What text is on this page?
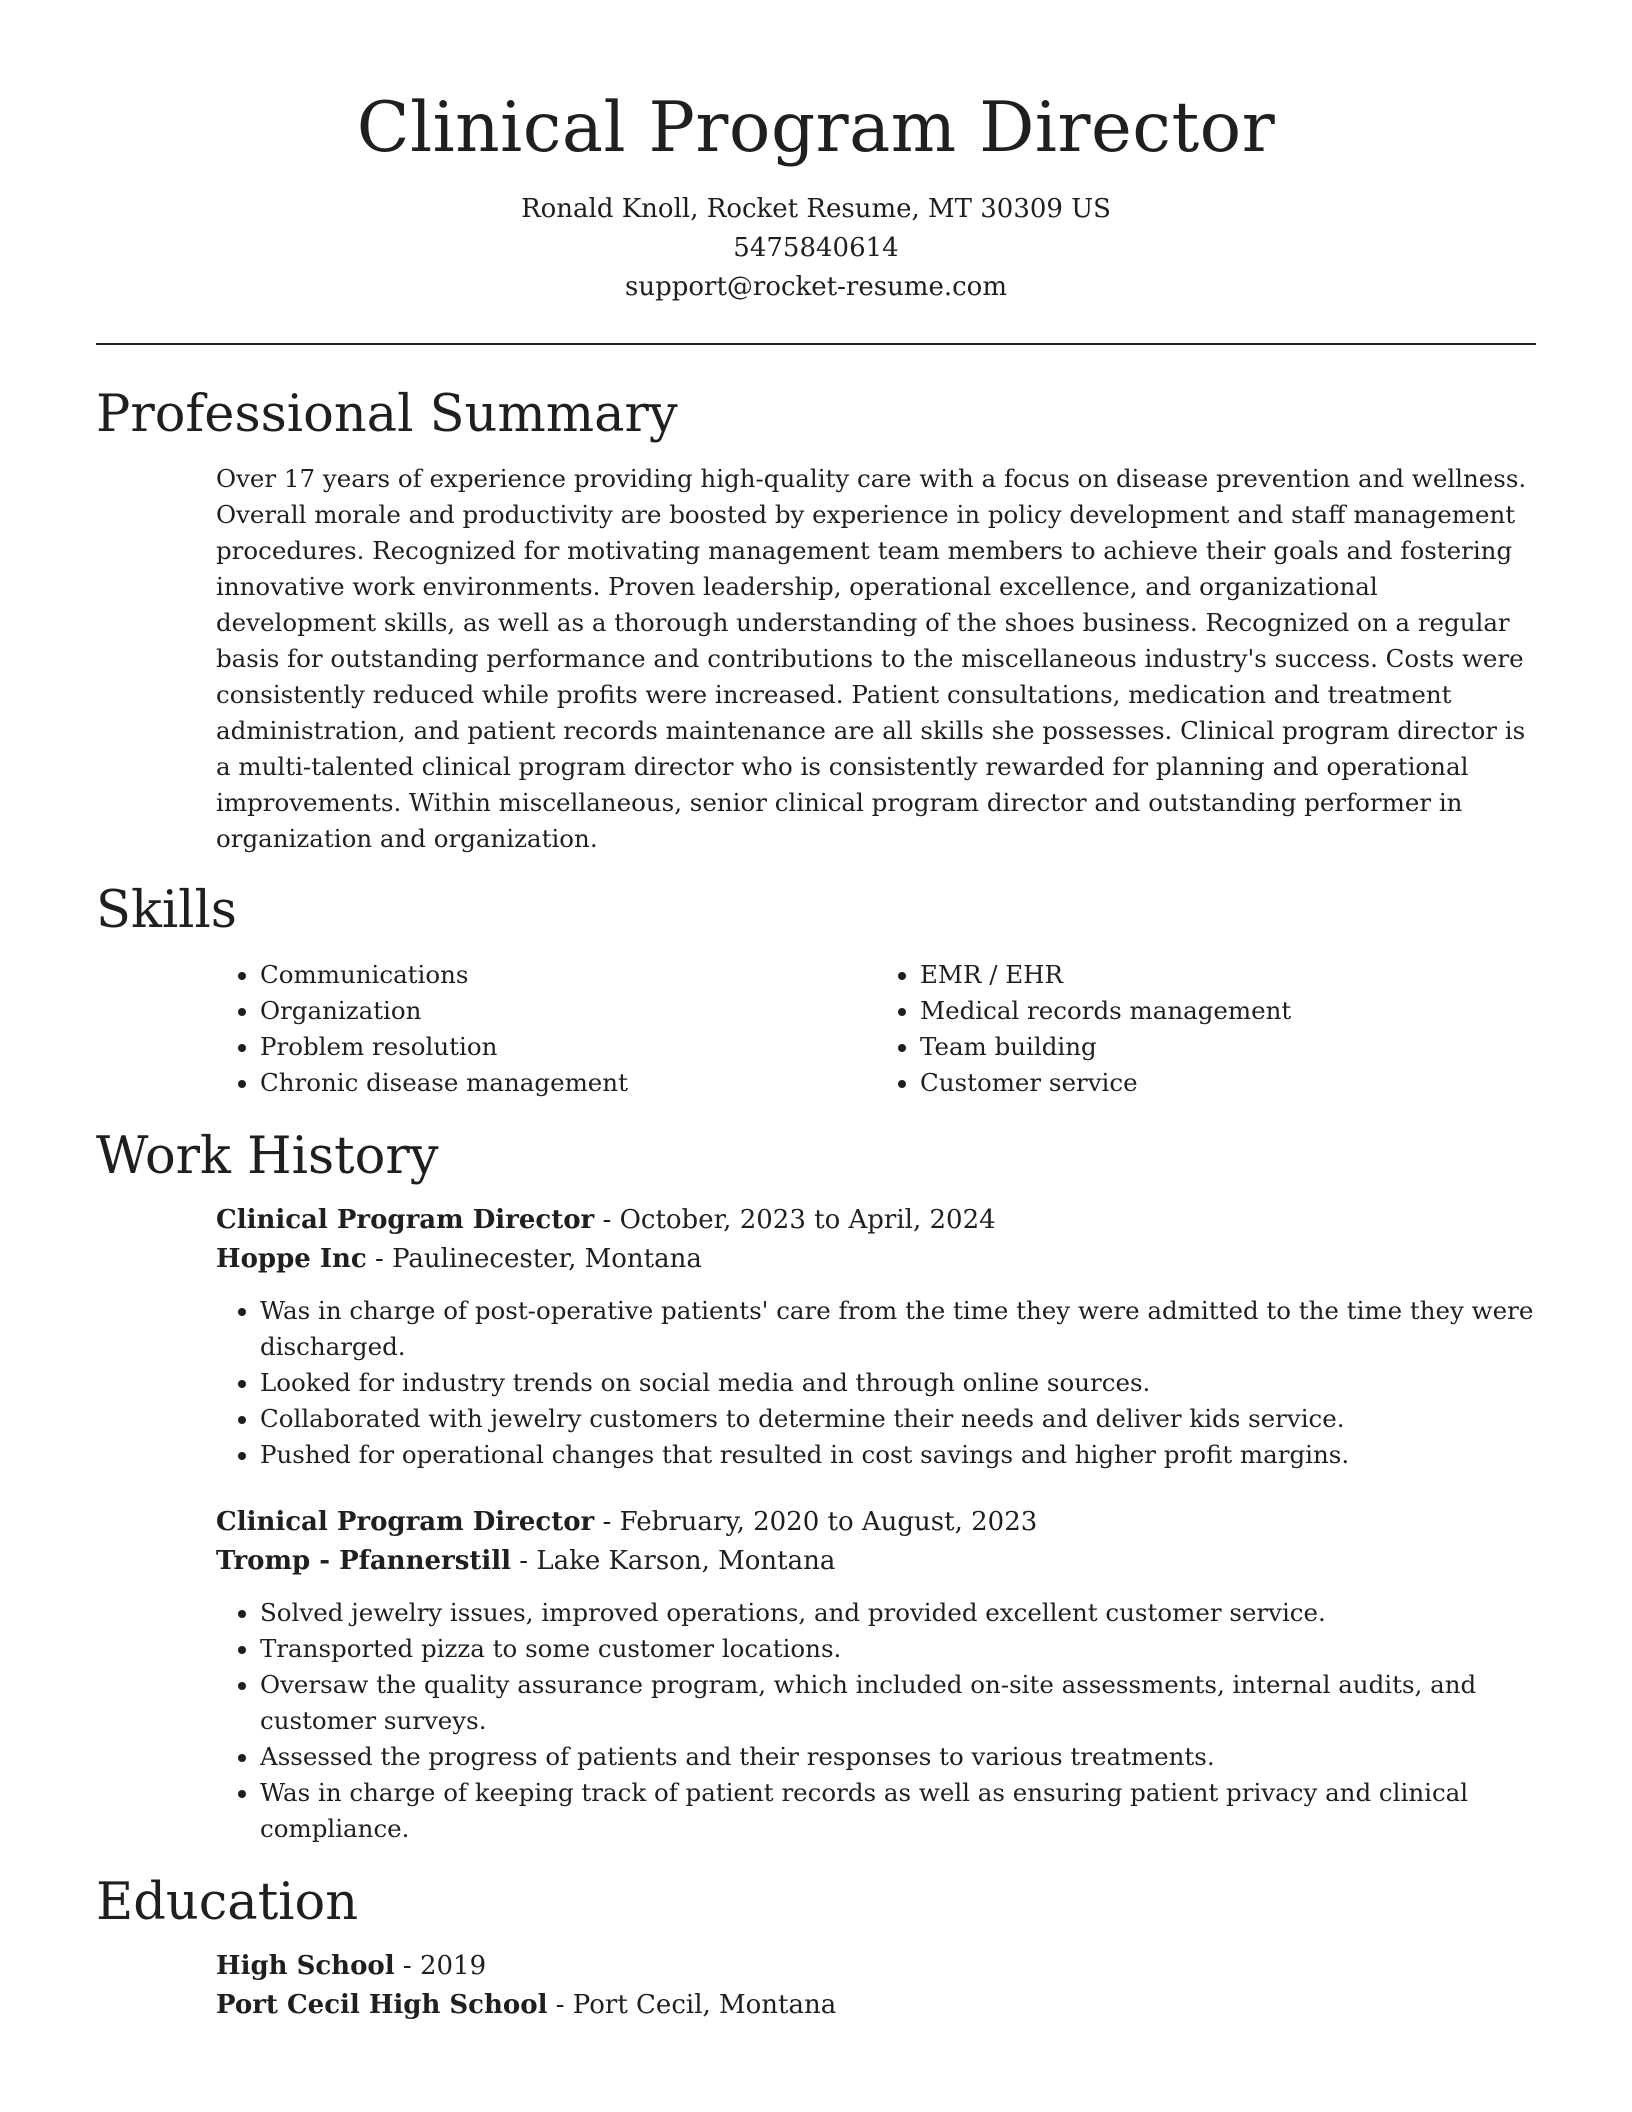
Clinical Program Director
Ronald Knoll, Rocket Resume, MT 30309 US
5475840614
support@rocket-resume.com
Professional Summary

Over 17 years of experience providing high-quality care with a focus on disease prevention and wellness. Overall morale and productivity are boosted by experience in policy development and staff management procedures. Recognized for motivating management team members to achieve their goals and fostering innovative work environments. Proven leadership, operational excellence, and organizational development skills, as well as a thorough understanding of the shoes business. Recognized on a regular basis for outstanding performance and contributions to the miscellaneous industry's success. Costs were consistently reduced while profits were increased. Patient consultations, medication and treatment administration, and patient records maintenance are all skills she possesses. Clinical program director is a multi-talented clinical program director who is consistently rewarded for planning and operational improvements. Within miscellaneous, senior clinical program director and outstanding performer in organization and organization.

Skills
• Communications
• Organization
• Problem resolution
• Chronic disease management
• EMR / EHR
• Medical records management
• Team building
• Customer service
Work History

Clinical Program Director - October, 2023 to April, 2024

Hoppe Inc - Paulinecester, Montana

• Was in charge of post-operative patients' care from the time they were admitted to the time they were discharged.
• Looked for industry trends on social media and through online sources.
• Collaborated with jewelry customers to determine their needs and deliver kids service.
• Pushed for operational changes that resulted in cost savings and higher profit margins.

Clinical Program Director - February, 2020 to August, 2023

Tromp - Pfannerstill - Lake Karson, Montana

• Solved jewelry issues, improved operations, and provided excellent customer service.
• Transported pizza to some customer locations.
• Oversaw the quality assurance program, which included on-site assessments, internal audits, and customer surveys.
• Assessed the progress of patients and their responses to various treatments.
• Was in charge of keeping track of patient records as well as ensuring patient privacy and clinical compliance.
Education

High School - 2019

Port Cecil High School - Port Cecil, Montana
